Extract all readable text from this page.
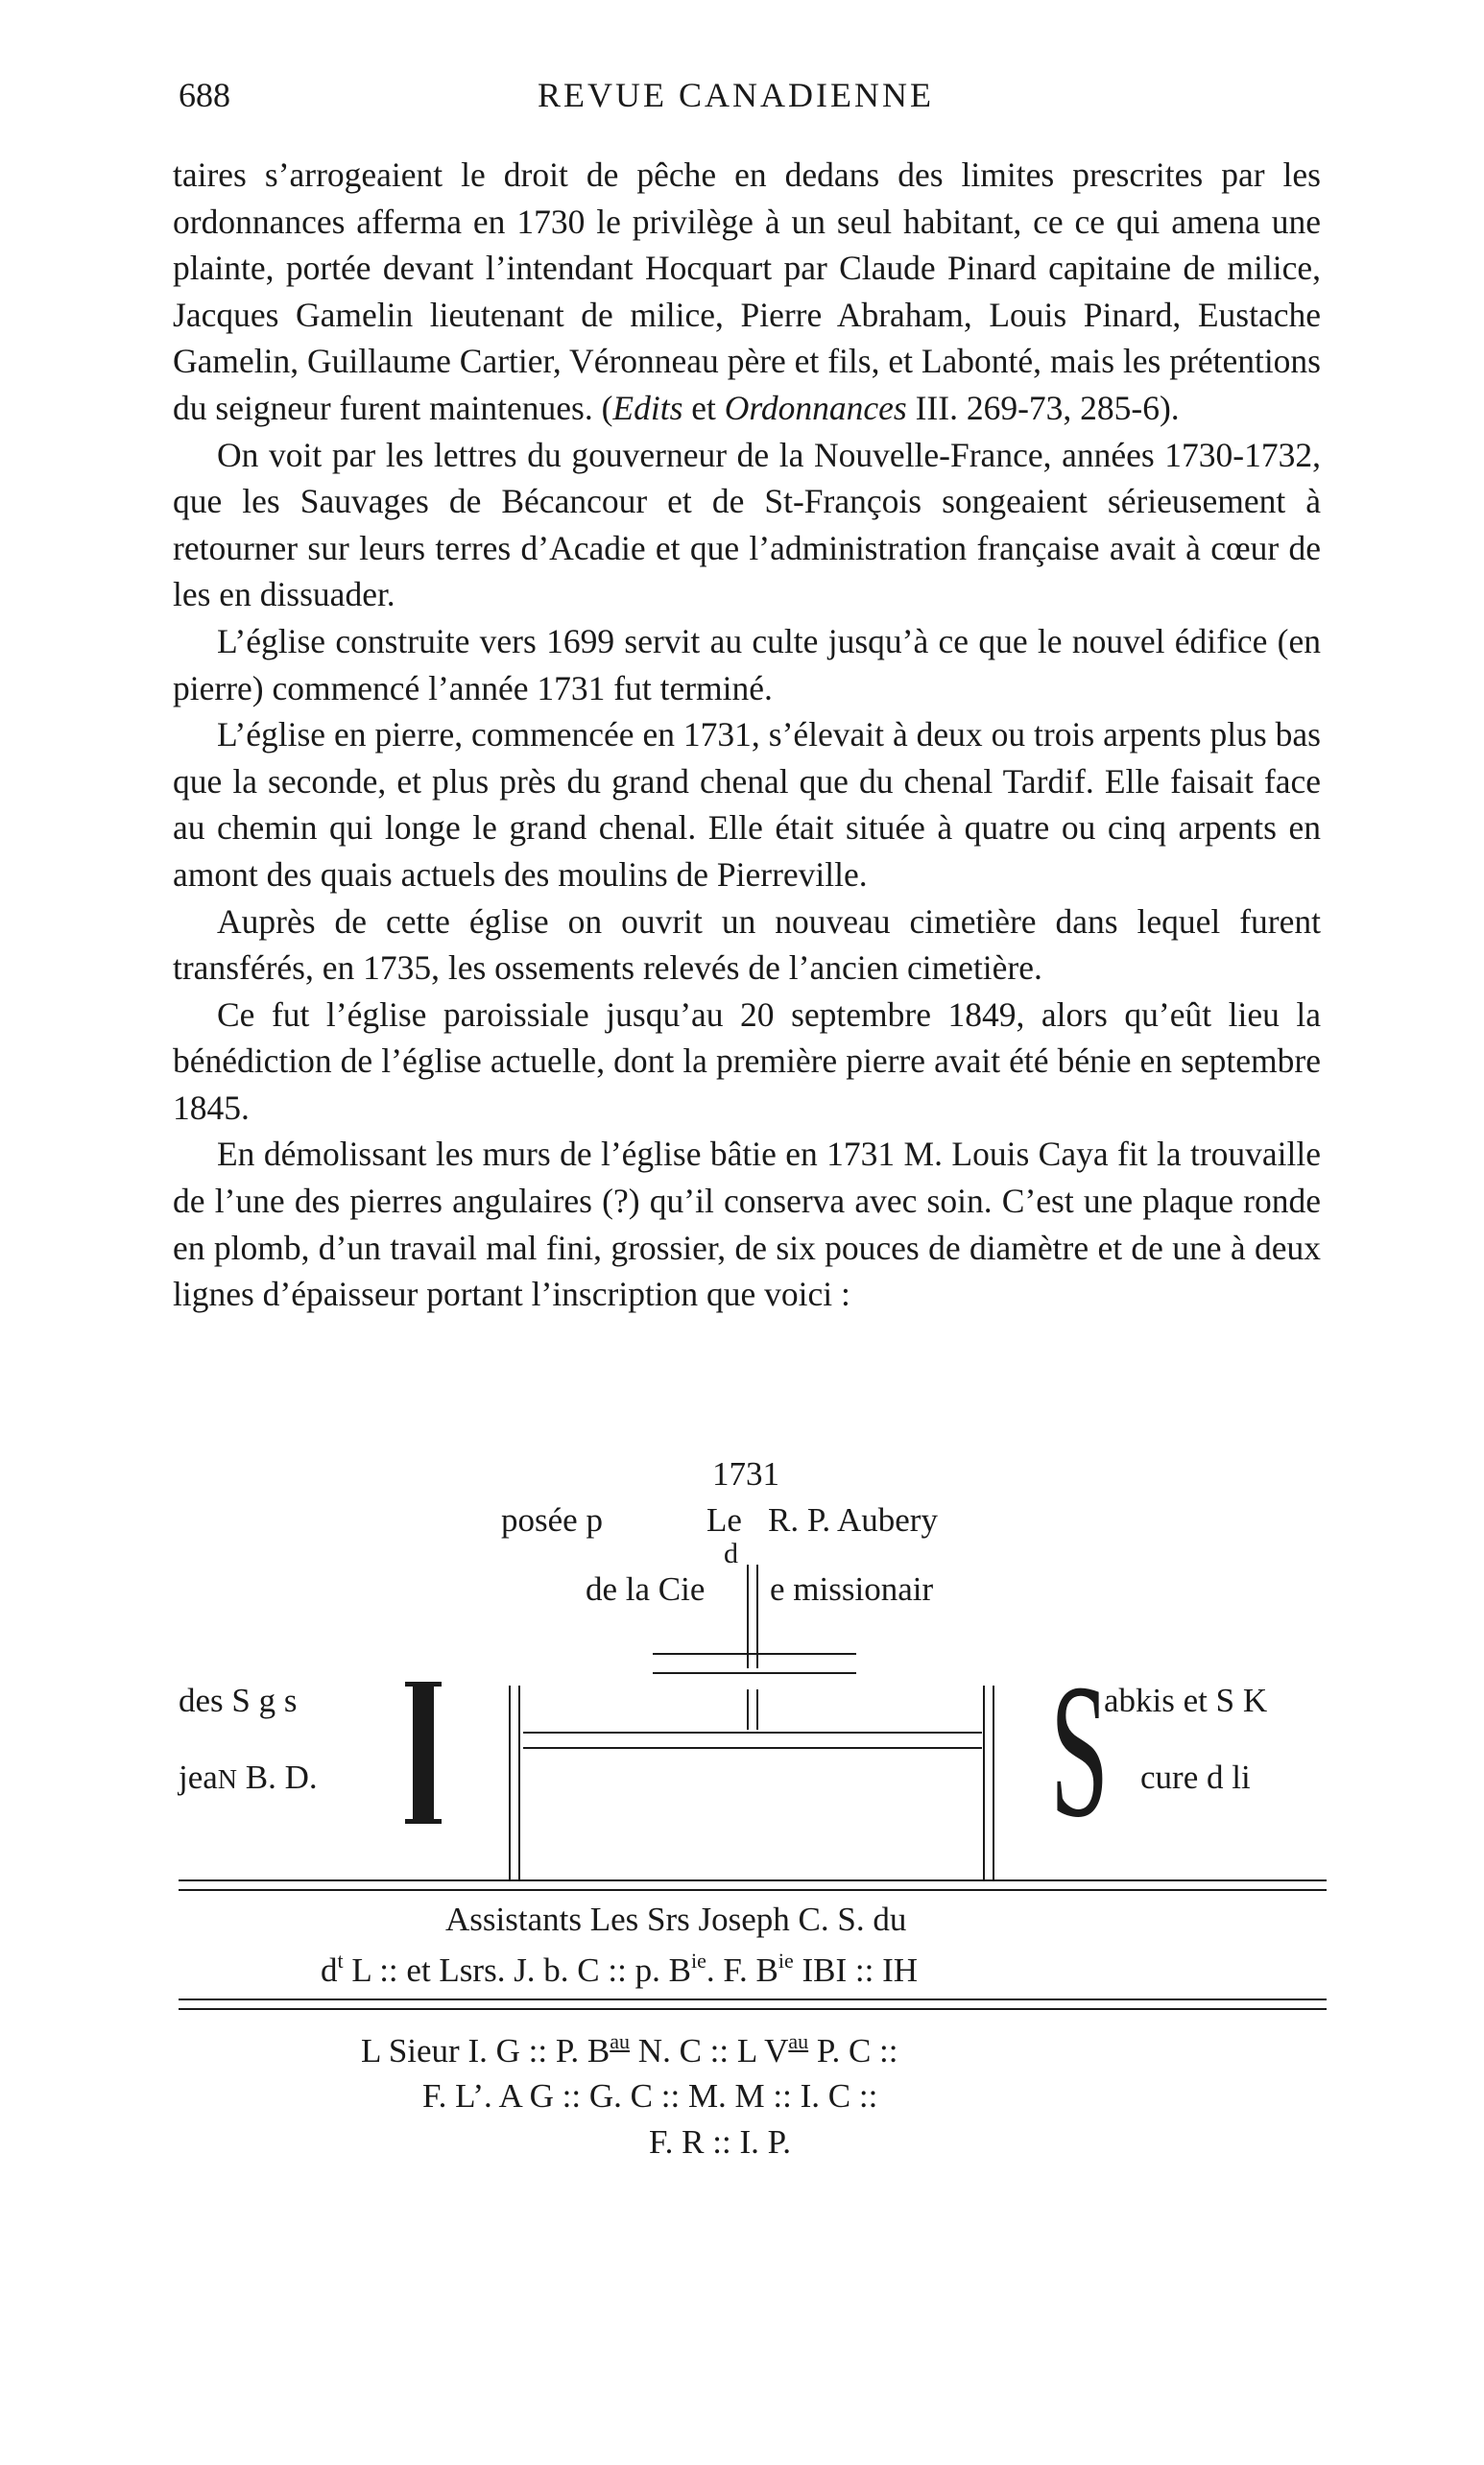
688	REVUE CANADIENNE

taires s’arrogeaient le droit de pêche en dedans des limites prescrites par les ordonnances afferma en 1730 le privilège à un seul habitant, ce ce qui amena une plainte, portée devant l’intendant Hocquart par Claude Pinard capitaine de milice, Jacques Gamelin lieutenant de milice, Pierre Abraham, Louis Pinard, Eustache Gamelin, Guillaume Cartier, Véronneau père et fils, et Labonté, mais les prétentions du seigneur furent maintenues. (Edits et Ordonnances III. 269-73, 285-6).

On voit par les lettres du gouverneur de la Nouvelle-France, années 1730-1732, que les Sauvages de Bécancour et de St-François songeaient sérieusement à retourner sur leurs terres d’Acadie et que l’administration française avait à cœur de les en dissuader.

L’église construite vers 1699 servit au culte jusqu’à ce que le nouvel édifice (en pierre) commencé l’année 1731 fut terminé.

L’église en pierre, commencée en 1731, s’élevait à deux ou trois arpents plus bas que la seconde, et plus près du grand chenal que du chenal Tardif. Elle faisait face au chemin qui longe le grand chenal. Elle était située à quatre ou cinq arpents en amont des quais actuels des moulins de Pierreville.

Auprès de cette église on ouvrit un nouveau cimetière dans lequel furent transférés, en 1735, les ossements relevés de l’ancien cimetière.

Ce fut l’église paroissiale jusqu’au 20 septembre 1849, alors qu’eût lieu la bénédiction de l’église actuelle, dont la première pierre avait été bénie en septembre 1845.

En démolissant les murs de l’église bâtie en 1731 M. Louis Caya fit la trouvaille de l’une des pierres angulaires (?) qu’il conserva avec soin. C’est une plaque ronde en plomb, d’un travail mal fini, grossier, de six pouces de diamètre et de une à deux lignes d’épaisseur portant l’inscription que voici :

1731
posée p	Le R. P. Aubery
d
de la Cie e missionair
des S g s
jeaN B. D.	S
abkis et S K
cure d li
Assistants Les Srs Joseph C. S. du
$d^t$ L :: et Lsrs. J. b. C :: p. $B^{ie}$. F. $B^{ie}$ IBI :: IH
L Sieur I. G :: P. $B^{au}$ N. C :: L $V^{au}$ P. C ::
F. L’. A G :: G. C :: M. M :: I. C ::
F. R :: I. P.
